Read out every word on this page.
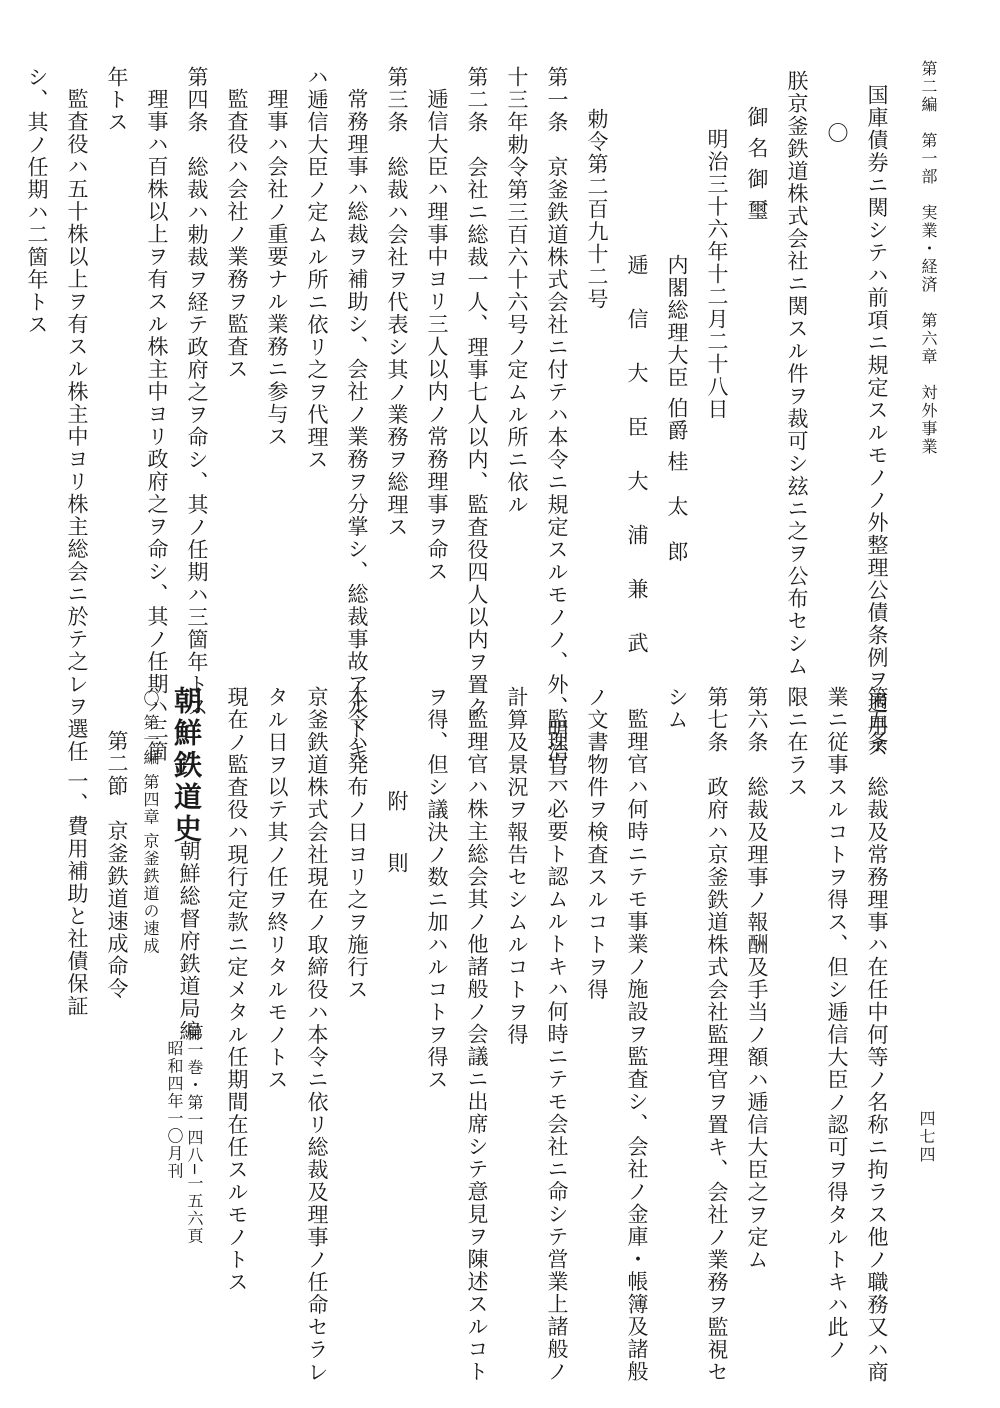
第二編　第一部　実業・経済　第六章　対外事業
四七四
国庫債券ニ関シテハ前項ニ規定スルモノノ外整理公債条例ヲ適用ス
〇
朕京釜鉄道株式会社ニ関スル件ヲ裁可シ玆ニ之ヲ公布セシム
御名御璽
明治三十六年十二月二十八日
内閣総理大臣 伯爵 桂　太　郎
逓　信　大　臣　大　浦　兼　武
勅令第二百九十二号
第一条　京釜鉄道株式会社ニ付テハ本令ニ規定スルモノノ、外、明治三
十三年勅令第三百六十六号ノ定ムル所ニ依ル
第二条　会社ニ総裁一人、理事七人以内、監査役四人以内ヲ置ク
逓信大臣ハ理事中ヨリ三人以内ノ常務理事ヲ命ス
第三条　総裁ハ会社ヲ代表シ其ノ業務ヲ総理ス
常務理事ハ総裁ヲ補助シ、会社ノ業務ヲ分掌シ、総裁事故アルトキ
ハ逓信大臣ノ定ムル所ニ依リ之ヲ代理ス
理事ハ会社ノ重要ナル業務ニ参与ス
監査役ハ会社ノ業務ヲ監査ス
第四条　総裁ハ勅裁ヲ経テ政府之ヲ命シ、其ノ任期ハ三箇年トス
理事ハ百株以上ヲ有スル株主中ヨリ政府之ヲ命シ、其ノ任期ハ三箇
年トス
監査役ハ五十株以上ヲ有スル株主中ヨリ株主総会ニ於テ之レヲ選任
シ、其ノ任期ハ二箇年トス
第五条　総裁及常務理事ハ在任中何等ノ名称ニ拘ラス他ノ職務又ハ商
業ニ従事スルコトヲ得ス、但シ逓信大臣ノ認可ヲ得タルトキハ此ノ
限ニ在ラス
第六条　総裁及理事ノ報酬及手当ノ額ハ逓信大臣之ヲ定ム
第七条　政府ハ京釜鉄道株式会社監理官ヲ置キ、会社ノ業務ヲ監視セ
シム
監理官ハ何時ニテモ事業ノ施設ヲ監査シ、会社ノ金庫・帳簿及諸般
ノ文書物件ヲ検査スルコトヲ得
監理官ハ必要ト認ムルトキハ何時ニテモ会社ニ命シテ営業上諸般ノ
計算及景況ヲ報告セシムルコトヲ得
監理官ハ株主総会其ノ他諸般ノ会議ニ出席シテ意見ヲ陳述スルコト
ヲ得、但シ議決ノ数ニ加ハルコトヲ得ス
附　則
本令ハ発布ノ日ヨリ之ヲ施行ス
京釜鉄道株式会社現在ノ取締役ハ本令ニ依リ総裁及理事ノ任命セラレ
タル日ヲ以テ其ノ任ヲ終リタルモノトス
現在ノ監査役ハ現行定款ニ定メタル任期間在任スルモノトス
朝鮮鉄道史
朝鮮総督府鉄道局編
第一巻・第一四八─一五六頁
昭和四年一〇月刊
〇 第一編 第四章 京釜鉄道の速成
第二節　京釜鉄道速成命令
一、費用補助と社債保証
